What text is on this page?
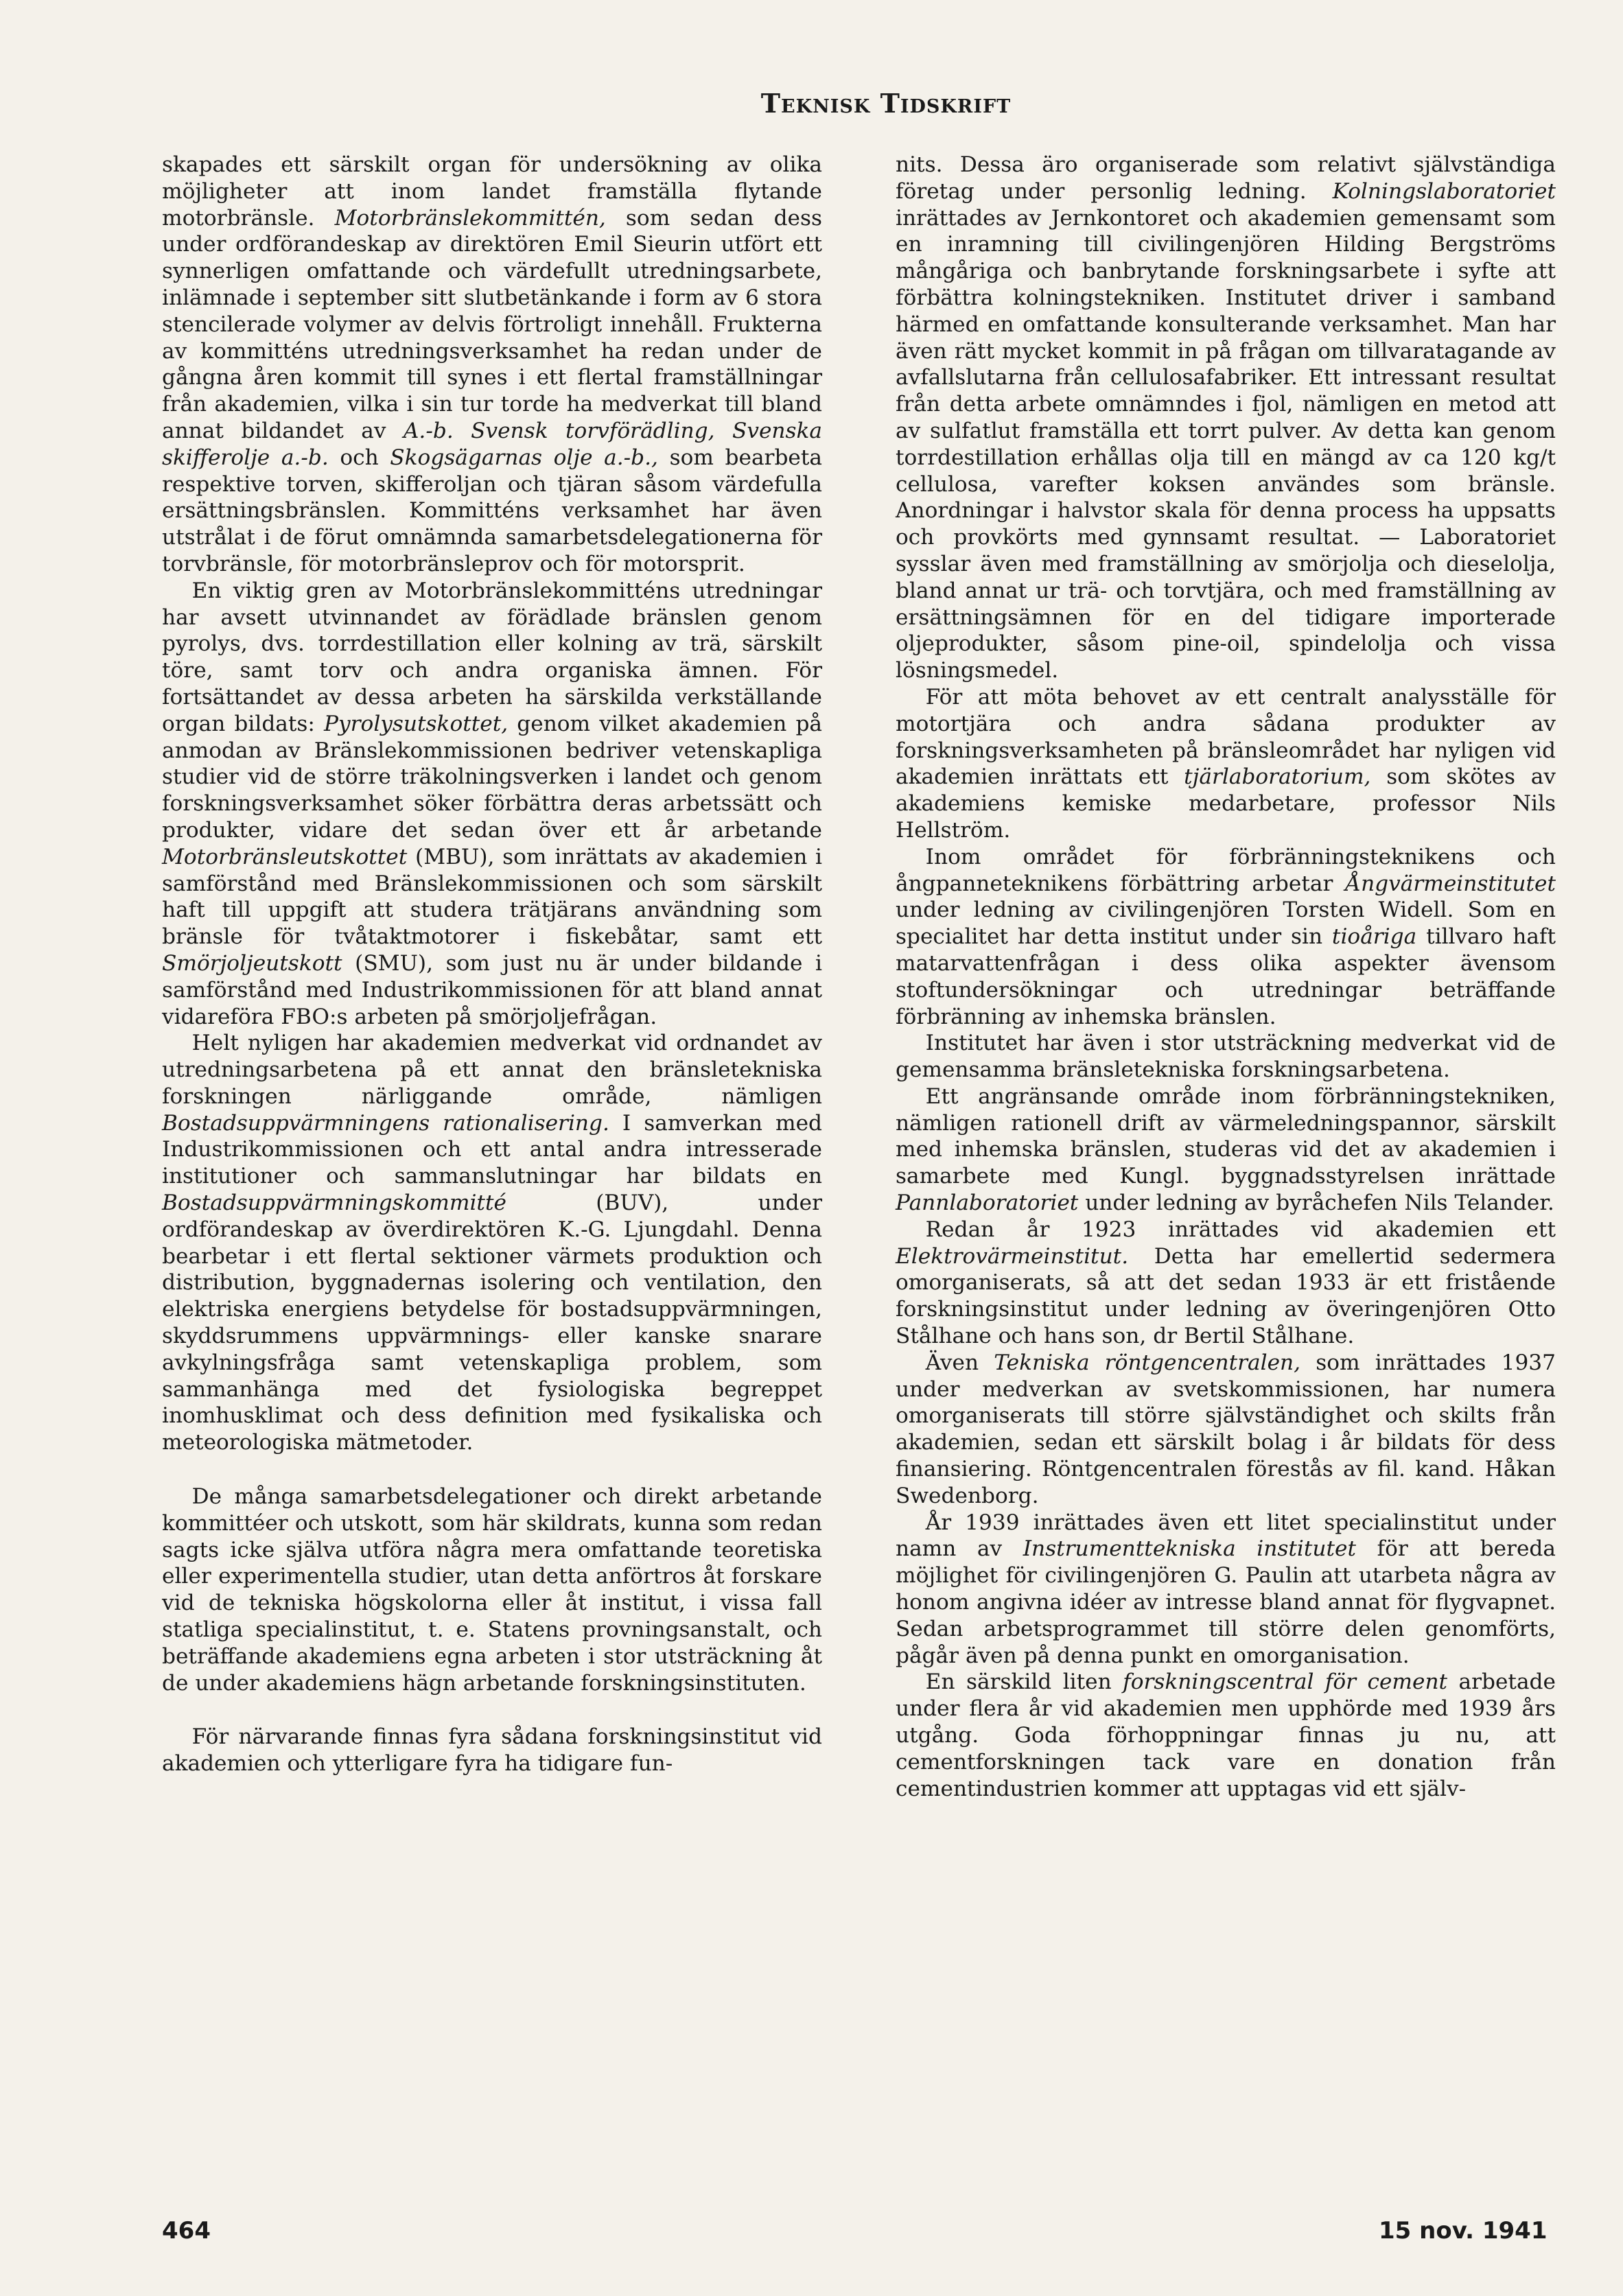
Teknisk Tidskrift

skapades ett särskilt organ för undersökning av olika möjligheter att inom landet framställa flytande motorbränsle. Motorbränslekommittén, som sedan dess under ordförandeskap av direktören Emil Sieurin utfört ett synnerligen omfattande och värdefullt utredningsarbete, inlämnade i september sitt slutbetänkande i form av 6 stora stencilerade volymer av delvis förtroligt innehåll. Frukterna av kommitténs utredningsverksamhet ha redan under de gångna åren kommit till synes i ett flertal framställningar från akademien, vilka i sin tur torde ha medverkat till bland annat bildandet av A.-b. Svensk torvförädling, Svenska skifferolje a.-b. och Skogsägarnas olje a.-b., som bearbeta respektive torven, skifferoljan och tjäran såsom värdefulla ersättningsbränslen. Kommitténs verksamhet har även utstrålat i de förut omnämnda samarbetsdelegationerna för torvbränsle, för motorbränsleprov och för motorsprit.

En viktig gren av Motorbränslekommitténs utredningar har avsett utvinnandet av förädlade bränslen genom pyrolys, dvs. torrdestillation eller kolning av trä, särskilt töre, samt torv och andra organiska ämnen. För fortsättandet av dessa arbeten ha särskilda verkställande organ bildats: Pyrolysutskottet, genom vilket akademien på anmodan av Bränslekommissionen bedriver vetenskapliga studier vid de större träkolningsverken i landet och genom forskningsverksamhet söker förbättra deras arbetssätt och produkter, vidare det sedan över ett år arbetande Motorbränsleutskottet (MBU), som inrättats av akademien i samförstånd med Bränslekommissionen och som särskilt haft till uppgift att studera trätjärans användning som bränsle för tvåtaktmotorer i fiskebåtar, samt ett Smörjoljeutskott (SMU), som just nu är under bildande i samförstånd med Industrikommissionen för att bland annat vidareföra FBO:s arbeten på smörjoljefrågan.

Helt nyligen har akademien medverkat vid ordnandet av utredningsarbetena på ett annat den bränsletekniska forskningen närliggande område, nämligen Bostadsuppvärmningens rationalisering. I samverkan med Industrikommissionen och ett antal andra intresserade institutioner och sammanslutningar har bildats en Bostadsuppvärmningskommitté (BUV), under ordförandeskap av överdirektören K.-G. Ljungdahl. Denna bearbetar i ett flertal sektioner värmets produktion och distribution, byggnadernas isolering och ventilation, den elektriska energiens betydelse för bostadsuppvärmningen, skyddsrummens uppvärmnings- eller kanske snarare avkylningsfråga samt vetenskapliga problem, som sammanhänga med det fysiologiska begreppet inomhusklimat och dess definition med fysikaliska och meteorologiska mätmetoder.

De många samarbetsdelegationer och direkt arbetande kommittéer och utskott, som här skildrats, kunna som redan sagts icke själva utföra några mera omfattande teoretiska eller experimentella studier, utan detta anförtros åt forskare vid de tekniska högskolorna eller åt institut, i vissa fall statliga specialinstitut, t. e. Statens provningsanstalt, och beträffande akademiens egna arbeten i stor utsträckning åt de under akademiens hägn arbetande forskningsinstituten.

För närvarande finnas fyra sådana forskningsinstitut vid akademien och ytterligare fyra ha tidigare fun-

nits. Dessa äro organiserade som relativt självständiga företag under personlig ledning. Kolningslaboratoriet inrättades av Jernkontoret och akademien gemensamt som en inramning till civilingenjören Hilding Bergströms mångåriga och banbrytande forskningsarbete i syfte att förbättra kolningstekniken. Institutet driver i samband härmed en omfattande konsulterande verksamhet. Man har även rätt mycket kommit in på frågan om tillvaratagande av avfallslutarna från cellulosafabriker. Ett intressant resultat från detta arbete omnämndes i fjol, nämligen en metod att av sulfatlut framställa ett torrt pulver. Av detta kan genom torrdestillation erhållas olja till en mängd av ca 120 kg/t cellulosa, varefter koksen användes som bränsle. Anordningar i halvstor skala för denna process ha uppsatts och provkörts med gynnsamt resultat. — Laboratoriet sysslar även med framställning av smörjolja och dieselolja, bland annat ur trä- och torvtjära, och med framställning av ersättningsämnen för en del tidigare importerade oljeprodukter, såsom pine-oil, spindelolja och vissa lösningsmedel.

För att möta behovet av ett centralt analysställe för motortjära och andra sådana produkter av forskningsverksamheten på bränsleområdet har nyligen vid akademien inrättats ett tjärlaboratorium, som skötes av akademiens kemiske medarbetare, professor Nils Hellström.

Inom området för förbränningsteknikens och ångpanneteknikens förbättring arbetar Ångvärmeinstitutet under ledning av civilingenjören Torsten Widell. Som en specialitet har detta institut under sin tioåriga tillvaro haft matarvattenfrågan i dess olika aspekter ävensom stoftundersökningar och utredningar beträffande förbränning av inhemska bränslen.

Institutet har även i stor utsträckning medverkat vid de gemensamma bränsletekniska forskningsarbetena.

Ett angränsande område inom förbränningstekniken, nämligen rationell drift av värmeledningspannor, särskilt med inhemska bränslen, studeras vid det av akademien i samarbete med Kungl. byggnadsstyrelsen inrättade Pannlaboratoriet under ledning av byråchefen Nils Telander.

Redan år 1923 inrättades vid akademien ett Elektrovärmeinstitut. Detta har emellertid sedermera omorganiserats, så att det sedan 1933 är ett fristående forskningsinstitut under ledning av överingenjören Otto Stålhane och hans son, dr Bertil Stålhane.

Även Tekniska röntgencentralen, som inrättades 1937 under medverkan av svetskommissionen, har numera omorganiserats till större självständighet och skilts från akademien, sedan ett särskilt bolag i år bildats för dess finansiering. Röntgencentralen förestås av fil. kand. Håkan Swedenborg.

År 1939 inrättades även ett litet specialinstitut under namn av Instrumenttekniska institutet för att bereda möjlighet för civilingenjören G. Paulin att utarbeta några av honom angivna idéer av intresse bland annat för flygvapnet. Sedan arbetsprogrammet till större delen genomförts, pågår även på denna punkt en omorganisation.

En särskild liten forskningscentral för cement arbetade under flera år vid akademien men upphörde med 1939 års utgång. Goda förhoppningar finnas ju nu, att cementforskningen tack vare en donation från cementindustrien kommer att upptagas vid ett själv-

464	15 nov. 1941
